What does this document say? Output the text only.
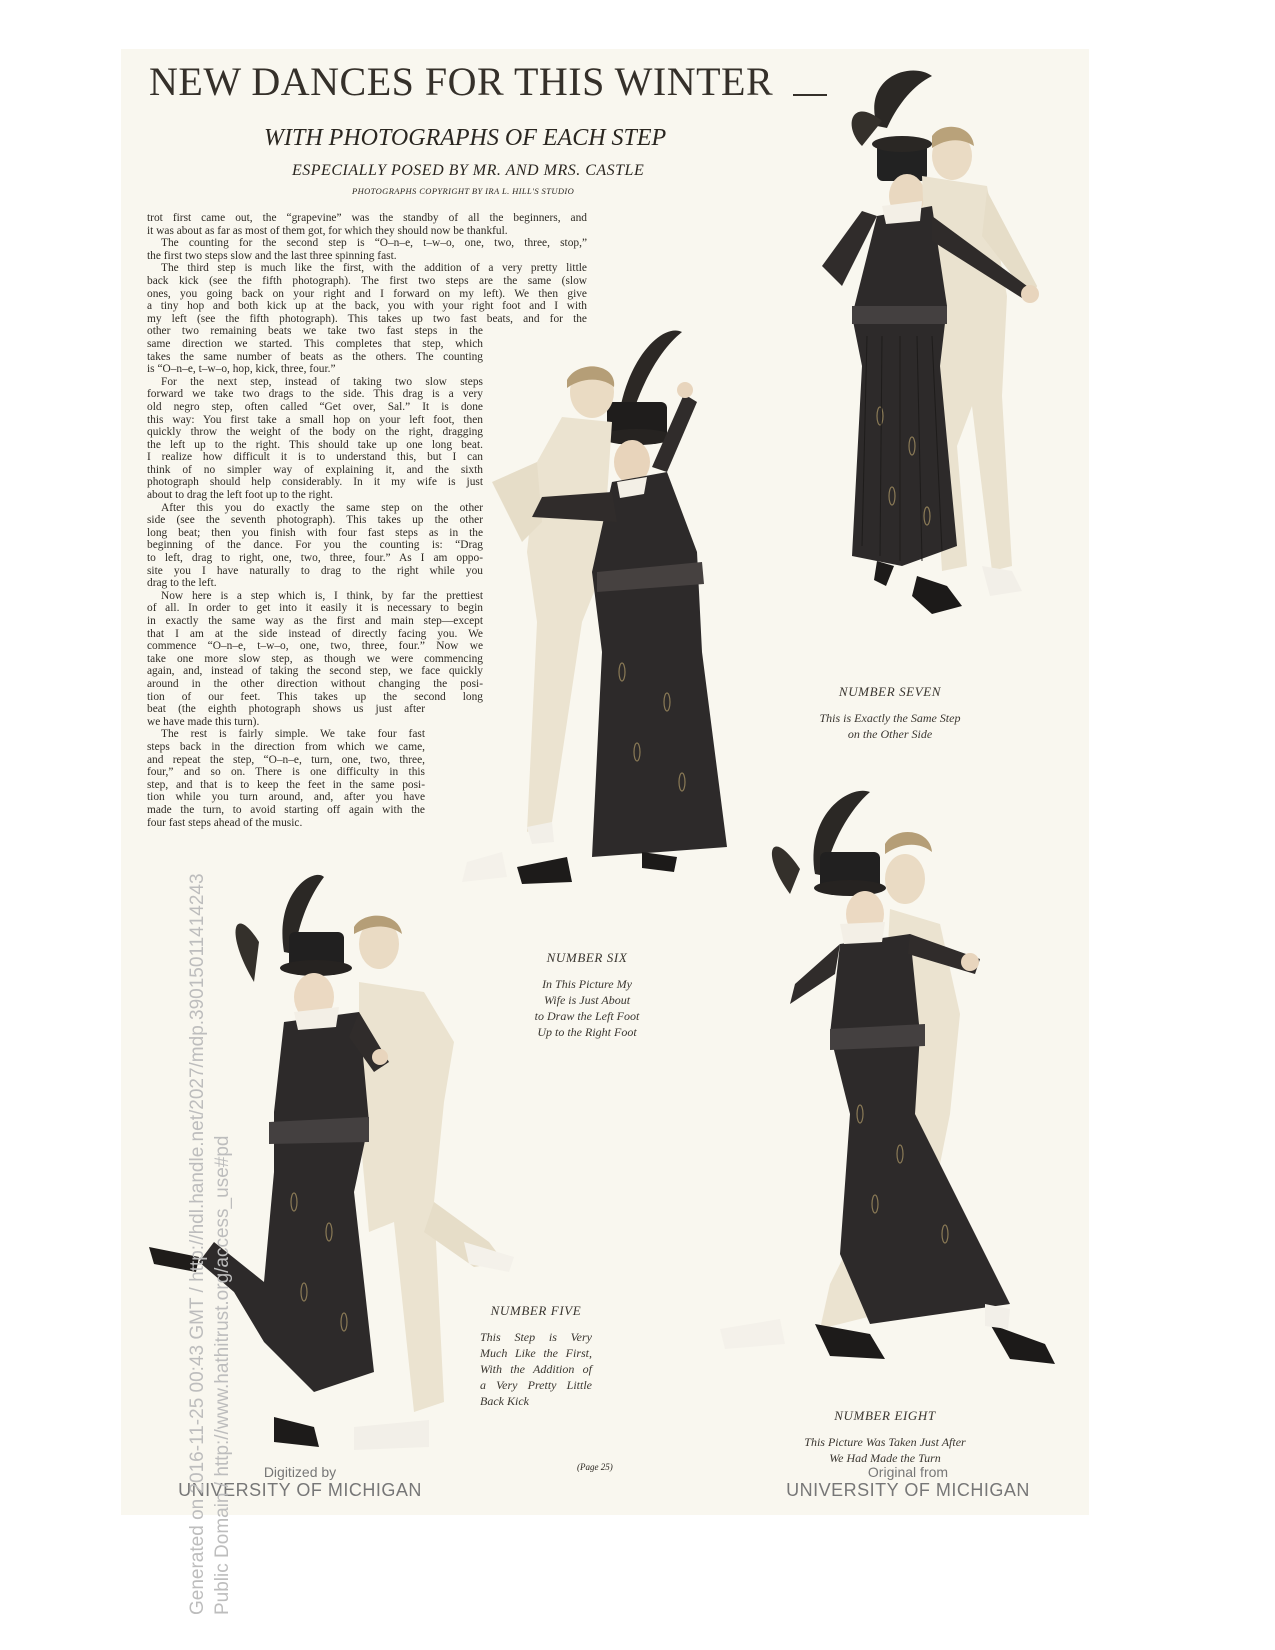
NEW DANCES FOR THIS WINTER
WITH PHOTOGRAPHS OF EACH STEP
ESPECIALLY POSED BY MR. AND MRS. CASTLE
PHOTOGRAPHS COPYRIGHT BY IRA L. HILL'S STUDIO
trot first came out, the “grapevine” was the standby of all the beginners, and
it was about as far as most of them got, for which they should now be thankful.
The counting for the second step is “O–n–e, t–w–o, one, two, three, stop,”
the first two steps slow and the last three spinning fast.
The third step is much like the first, with the addition of a very pretty little
back kick (see the fifth photograph). The first two steps are the same (slow
ones, you going back on your right and I forward on my left). We then give
a tiny hop and both kick up at the back, you with your right foot and I with
my left (see the fifth photograph). This takes up two fast beats, and for the
other two remaining beats we take two fast steps in the
same direction we started. This completes that step, which
takes the same number of beats as the others. The counting
is “O–n–e, t–w–o, hop, kick, three, four.”
For the next step, instead of taking two slow steps
forward we take two drags to the side. This drag is a very
old negro step, often called “Get over, Sal.” It is done
this way: You first take a small hop on your left foot, then
quickly throw the weight of the body on the right, dragging
the left up to the right. This should take up one long beat.
I realize how difficult it is to understand this, but I can
think of no simpler way of explaining it, and the sixth
photograph should help considerably. In it my wife is just
about to drag the left foot up to the right.
After this you do exactly the same step on the other
side (see the seventh photograph). This takes up the other
long beat; then you finish with four fast steps as in the
beginning of the dance. For you the counting is: “Drag
to left, drag to right, one, two, three, four.” As I am oppo-
site you I have naturally to drag to the right while you
drag to the left.
Now here is a step which is, I think, by far the prettiest
of all. In order to get into it easily it is necessary to begin
in exactly the same way as the first and main step—except
that I am at the side instead of directly facing you. We
commence “O–n–e, t–w–o, one, two, three, four.” Now we
take one more slow step, as though we were commencing
again, and, instead of taking the second step, we face quickly
around in the other direction without changing the posi-
tion of our feet. This takes up the second long
beat (the eighth photograph shows us just after
we have made this turn).
The rest is fairly simple. We take four fast
steps back in the direction from which we came,
and repeat the step, “O–n–e, turn, one, two, three,
four,” and so on. There is one difficulty in this
step, and that is to keep the feet in the same posi-
tion while you turn around, and, after you have
made the turn, to avoid starting off again with the
four fast steps ahead of the music.
NUMBER SEVEN
This is Exactly the Same Step
on the Other Side
NUMBER SIX
In This Picture My
Wife is Just About
to Draw the Left Foot
Up to the Right Foot
NUMBER FIVE
This Step is Very
Much Like the First,
With the Addition of
a Very Pretty Little
Back Kick
NUMBER EIGHT
This Picture Was Taken Just After
We Had Made the Turn
(Page 25)
Digitized by
UNIVERSITY OF MICHIGAN
Original from
UNIVERSITY OF MICHIGAN
Generated on 2016-11-25 00:43 GMT / http://hdl.handle.net/2027/mdp.39015011414243 Public Domain / http://www.hathitrust.org/access_use#pd
